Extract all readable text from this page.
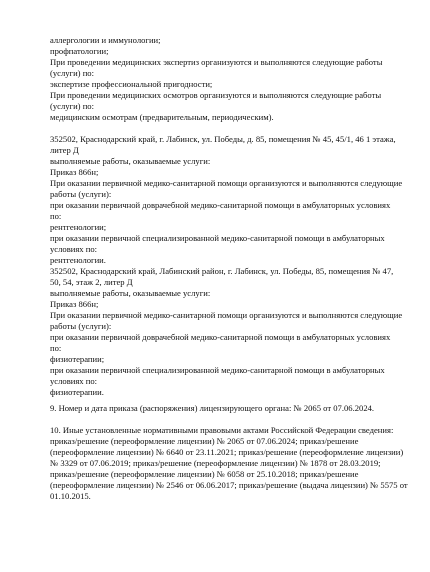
аллергологии и иммунологии;
профпатологии;
При проведении медицинских экспертиз организуются и выполняются следующие работы
(услуги) по:
экспертизе профессиональной пригодности;
При проведении медицинских осмотров организуются и выполняются следующие работы
(услуги) по:
медицинским осмотрам (предварительным, периодическим).
352502, Краснодарский край, г. Лабинск, ул. Победы, д. 85, помещения № 45, 45/1, 46 1 этажа,
литер Д
выполняемые работы, оказываемые услуги:
Приказ 866н;
При оказании первичной медико-санитарной помощи организуются и выполняются следующие
работы (услуги):
при оказании первичной доврачебной медико-санитарной помощи в амбулаторных условиях
по:
рентгенологии;
при оказании первичной специализированной медико-санитарной помощи в амбулаторных
условиях по:
рентгенологии.
352502, Краснодарский край, Лабинский район, г. Лабинск, ул. Победы, 85, помещения № 47,
50, 54, этаж 2, литер Д
выполняемые работы, оказываемые услуги:
Приказ 866н;
При оказании первичной медико-санитарной помощи организуются и выполняются следующие
работы (услуги):
при оказании первичной доврачебной медико-санитарной помощи в амбулаторных условиях
по:
физиотерапии;
при оказании первичной специализированной медико-санитарной помощи в амбулаторных
условиях по:
физиотерапии.
9. Номер и дата приказа (распоряжения) лицензирующего органа: № 2065 от 07.06.2024.
10. Иные установленные нормативными правовыми актами Российской Федерации сведения:
приказ/решение (переоформление лицензии) № 2065 от 07.06.2024; приказ/решение
(переоформление лицензии) № 6640 от 23.11.2021; приказ/решение (переоформление лицензии)
№ 3329 от 07.06.2019; приказ/решение (переоформление лицензии) № 1878 от 28.03.2019;
приказ/решение (переоформление лицензии) № 6058 от 25.10.2018; приказ/решение
(переоформление лицензии) № 2546 от 06.06.2017; приказ/решение (выдача лицензии) № 5575 от
01.10.2015.
